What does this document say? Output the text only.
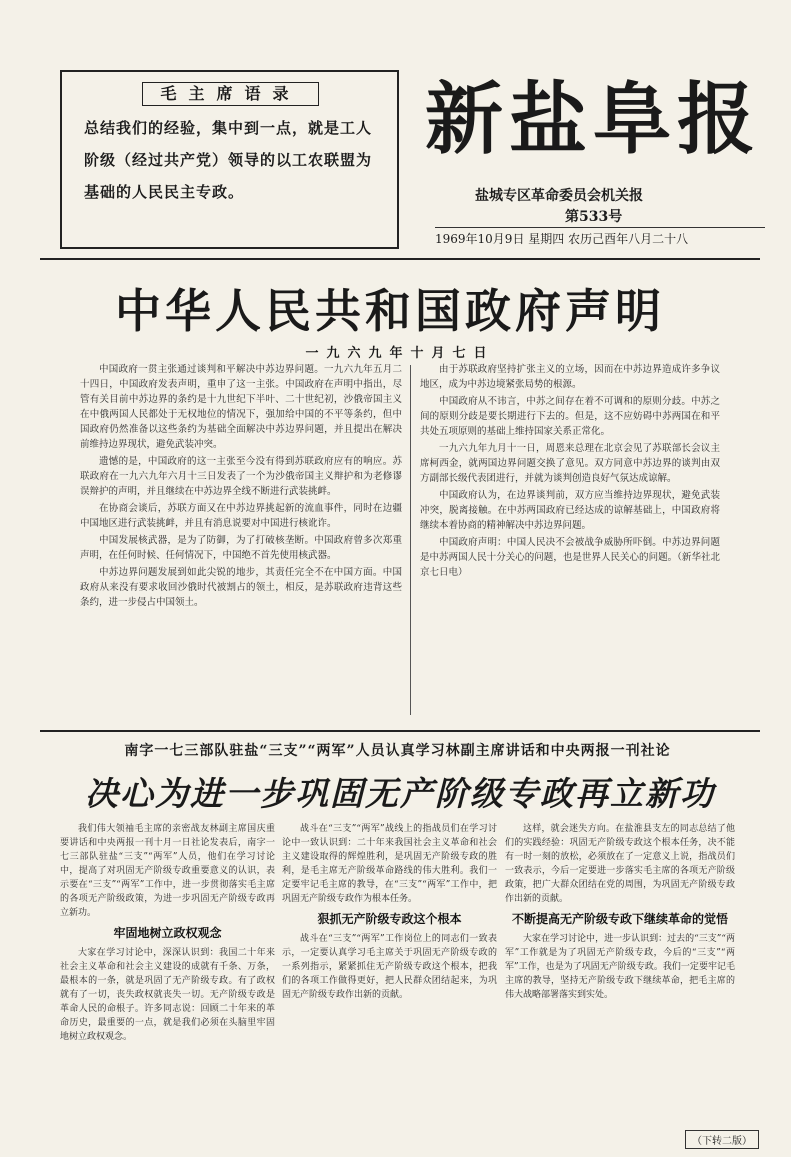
毛主席语录
总结我们的经验，集中到一点，就是工人阶级（经过共产党）领导的以工农联盟为基础的人民民主专政。
新盐阜报
盐城专区革命委员会机关报
第533号
1969年10月9日 星期四 农历己酉年八月二十八
中华人民共和国政府声明
一九六九年十月七日

中国政府一贯主张通过谈判和平解决中苏边界问题。一九六九年五月二十四日，中国政府发表声明，重申了这一主张。中国政府在声明中指出，尽管有关目前中苏边界的条约是十九世纪下半叶、二十世纪初，沙俄帝国主义在中俄两国人民都处于无权地位的情况下，强加给中国的不平等条约，但中国政府仍然准备以这些条约为基础全面解决中苏边界问题，并且提出在解决前维持边界现状，避免武装冲突。

遗憾的是，中国政府的这一主张至今没有得到苏联政府应有的响应。苏联政府在一九六九年六月十三日发表了一个为沙俄帝国主义辩护和为老修谬误辩护的声明，并且继续在中苏边界全线不断进行武装挑衅。

在协商会谈后，苏联方面又在中苏边界挑起新的流血事件，同时在边疆中国地区进行武装挑衅，并且有消息说要对中国进行核讹诈。

中国发展核武器，是为了防御，为了打破核垄断。中国政府曾多次郑重声明，在任何时候、任何情况下，中国绝不首先使用核武器。

中苏边界问题发展到如此尖锐的地步，其责任完全不在中国方面。中国政府从来没有要求收回沙俄时代被割占的领土，相反，是苏联政府违背这些条约，进一步侵占中国领土。

由于苏联政府坚持扩张主义的立场，因而在中苏边界造成许多争议地区，成为中苏边境紧张局势的根源。

中国政府从不讳言，中苏之间存在着不可调和的原则分歧。中苏之间的原则分歧是要长期进行下去的。但是，这不应妨碍中苏两国在和平共处五项原则的基础上维持国家关系正常化。

一九六九年九月十一日，周恩来总理在北京会见了苏联部长会议主席柯西金，就两国边界问题交换了意见。双方同意中苏边界的谈判由双方副部长级代表团进行，并就为谈判创造良好气氛达成谅解。

中国政府认为，在边界谈判前，双方应当维持边界现状，避免武装冲突，脱离接触。在中苏两国政府已经达成的谅解基础上，中国政府将继续本着协商的精神解决中苏边界问题。

中国政府声明：中国人民决不会被战争威胁所吓倒。中苏边界问题是中苏两国人民十分关心的问题，也是世界人民关心的问题。（新华社北京七日电）

南字一七三部队驻盐“三支”“两军”人员认真学习林副主席讲话和中央两报一刊社论
决心为进一步巩固无产阶级专政再立新功

我们伟大领袖毛主席的亲密战友林副主席国庆重要讲话和中央两报一刊十月一日社论发表后，南字一七三部队驻盐“三支”“两军”人员，他们在学习讨论中，提高了对巩固无产阶级专政重要意义的认识，表示要在“三支”“两军”工作中，进一步贯彻落实毛主席的各项无产阶级政策，为进一步巩固无产阶级专政再立新功。

牢固地树立政权观念

大家在学习讨论中，深深认识到：我国二十年来社会主义革命和社会主义建设的成就有千条、万条，最根本的一条，就是巩固了无产阶级专政。有了政权就有了一切，丧失政权就丧失一切。无产阶级专政是革命人民的命根子。许多同志说：回顾二十年来的革命历史，最重要的一点，就是我们必须在头脑里牢固地树立政权观念。

战斗在“三支”“两军”战线上的指战员们在学习讨论中一致认识到：二十年来我国社会主义革命和社会主义建设取得的辉煌胜利，是巩固无产阶级专政的胜利，是毛主席无产阶级革命路线的伟大胜利。我们一定要牢记毛主席的教导，在“三支”“两军”工作中，把巩固无产阶级专政作为根本任务。

狠抓无产阶级专政这个根本

战斗在“三支”“两军”工作岗位上的同志们一致表示，一定要认真学习毛主席关于巩固无产阶级专政的一系列指示，紧紧抓住无产阶级专政这个根本，把我们的各项工作做得更好，把人民群众团结起来，为巩固无产阶级专政作出新的贡献。

这样，就会迷失方向。在盐淮县支左的同志总结了他们的实践经验：巩固无产阶级专政这个根本任务，决不能有一时一刻的放松，必须放在了一定意义上说，指战员们一致表示，今后一定要进一步落实毛主席的各项无产阶级政策，把广大群众团结在党的周围，为巩固无产阶级专政作出新的贡献。

不断提高无产阶级专政下继续革命的觉悟

大家在学习讨论中，进一步认识到：过去的“三支”“两军”工作就是为了巩固无产阶级专政，今后的“三支”“两军”工作，也是为了巩固无产阶级专政。我们一定要牢记毛主席的教导，坚持无产阶级专政下继续革命，把毛主席的伟大战略部署落实到实处。

（下转二版）
